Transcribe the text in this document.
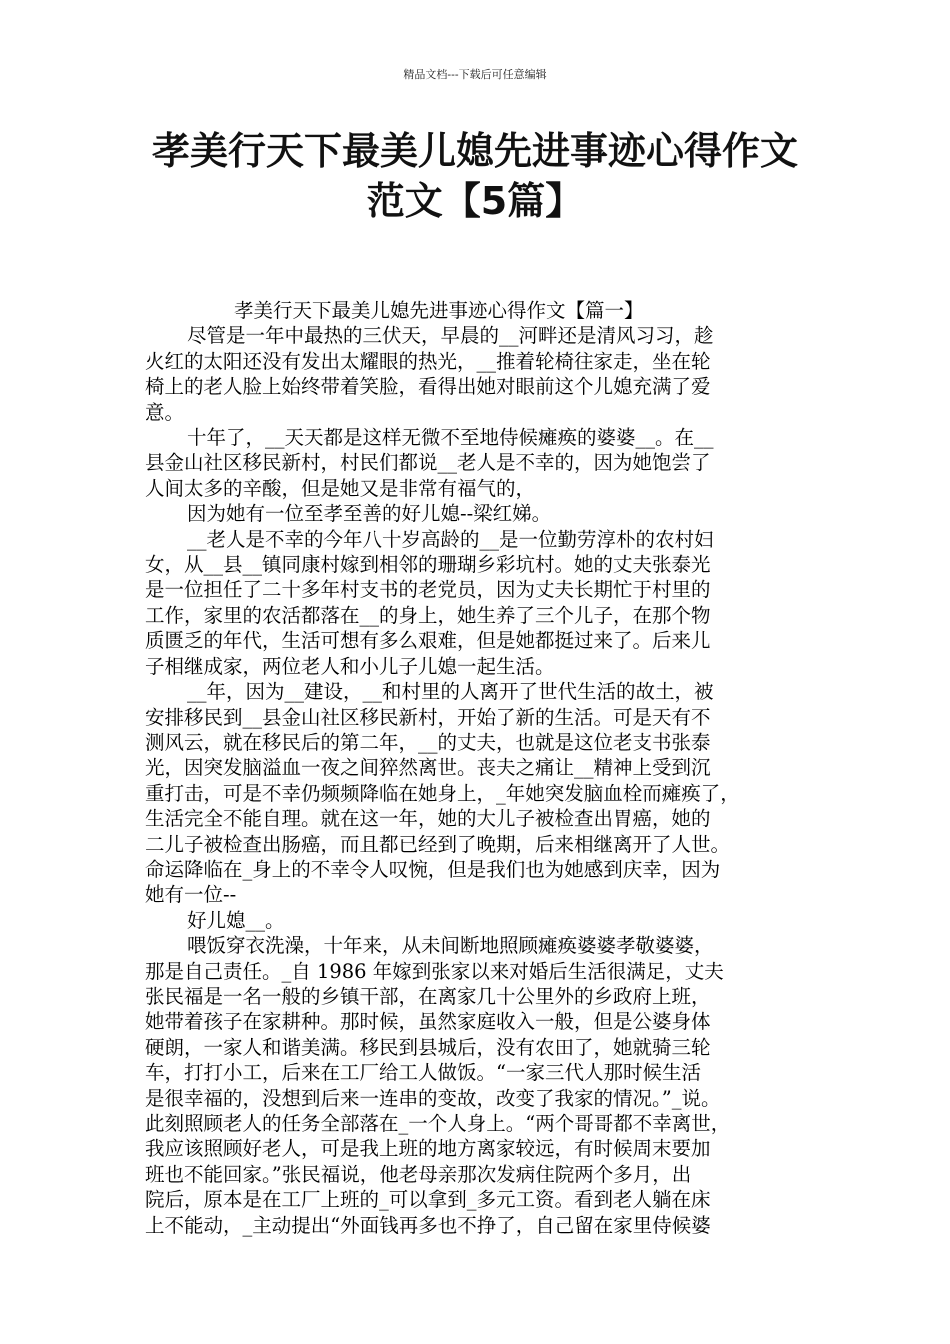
精品文档---下载后可任意编辑
孝美行天下最美儿媳先进事迹心得作文
范文【5篇】

孝美行天下最美儿媳先进事迹心得作文【篇一】

尽管是一年中最热的三伏天，早晨的__河畔还是清风习习，趁

火红的太阳还没有发出太耀眼的热光，__推着轮椅往家走，坐在轮

椅上的老人脸上始终带着笑脸，看得出她对眼前这个儿媳充满了爱

意。

十年了，__天天都是这样无微不至地侍候瘫痪的婆婆__。在__

县金山社区移民新村，村民们都说__老人是不幸的，因为她饱尝了

人间太多的辛酸，但是她又是非常有福气的，

因为她有一位至孝至善的好儿媳--梁红娣。

__老人是不幸的今年八十岁高龄的__是一位勤劳淳朴的农村妇

女，从__县__镇同康村嫁到相邻的珊瑚乡彩坑村。她的丈夫张泰光

是一位担任了二十多年村支书的老党员，因为丈夫长期忙于村里的

工作，家里的农活都落在__的身上，她生养了三个儿子，在那个物

质匮乏的年代，生活可想有多么艰难，但是她都挺过来了。后来儿

子相继成家，两位老人和小儿子儿媳一起生活。

__年，因为__建设，__和村里的人离开了世代生活的故土，被

安排移民到__县金山社区移民新村，开始了新的生活。可是天有不

测风云，就在移民后的第二年，__的丈夫，也就是这位老支书张泰

光，因突发脑溢血一夜之间猝然离世。丧夫之痛让__精神上受到沉

重打击，可是不幸仍频频降临在她身上，_年她突发脑血栓而瘫痪了，

生活完全不能自理。就在这一年，她的大儿子被检查出胃癌，她的

二儿子被检查出肠癌，而且都已经到了晚期，后来相继离开了人世。

命运降临在_身上的不幸令人叹惋，但是我们也为她感到庆幸，因为

她有一位--

好儿媳__。

喂饭穿衣洗澡，十年来，从未间断地照顾瘫痪婆婆孝敬婆婆，

那是自己责任。_自 1986 年嫁到张家以来对婚后生活很满足，丈夫

张民福是一名一般的乡镇干部，在离家几十公里外的乡政府上班，

她带着孩子在家耕种。那时候，虽然家庭收入一般，但是公婆身体

硬朗，一家人和谐美满。移民到县城后，没有农田了，她就骑三轮

车，打打小工，后来在工厂给工人做饭。“一家三代人那时候生活

是很幸福的，没想到后来一连串的变故，改变了我家的情况。”_说。

此刻照顾老人的任务全部落在_一个人身上。“两个哥哥都不幸离世，

我应该照顾好老人，可是我上班的地方离家较远，有时候周末要加

班也不能回家。”张民福说，他老母亲那次发病住院两个多月，出

院后，原本是在工厂上班的_可以拿到_多元工资。看到老人躺在床

上不能动，_主动提出“外面钱再多也不挣了，自己留在家里侍候婆
